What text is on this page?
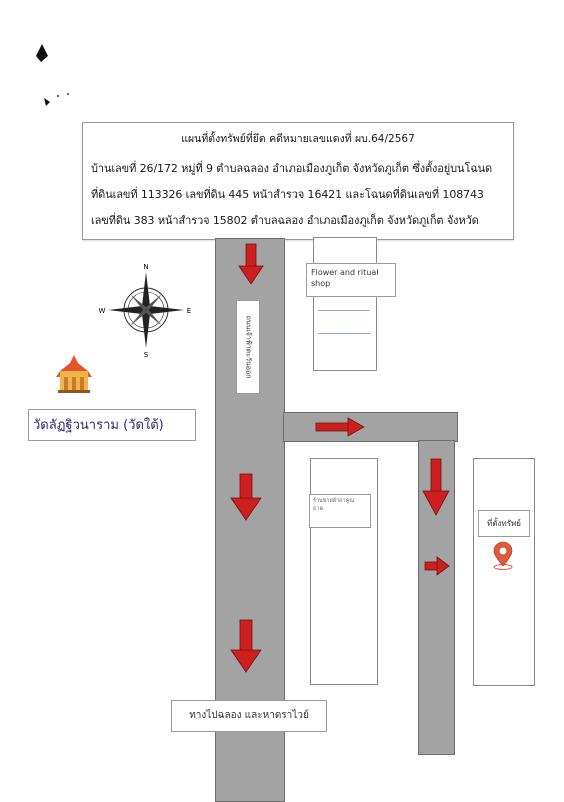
แผนที่ตั้งทรัพย์ที่ยึด คดีหมายเลขแดงที่ ผบ.64/2567
บ้านเลขที่ 26/172 หมู่ที่ 9 ตำบลฉลอง อำเภอเมืองภูเก็ต จังหวัดภูเก็ต ซึ่งตั้งอยู่บนโฉนด
ที่ดินเลขที่ 113326 เลขที่ดิน 445 หน้าสำรวจ 16421 และโฉนดที่ดินเลขที่ 108743
เลขที่ดิน 383 หน้าสำรวจ 15802 ตำบลฉลอง อำเภอเมืองภูเก็ต จังหวัดภูเก็ต จังหวัด
N
S
W	E
วัดลัฏฐิวนาราม (วัดใต้)
ถนนเจ้าฟ้าตะวันออก
Flower and ritual shop
ร้านขายผ้าถาคูณ
ธาต
ที่ตั้งทรัพย์
ทางไปฉลอง และหาดราไวย์
